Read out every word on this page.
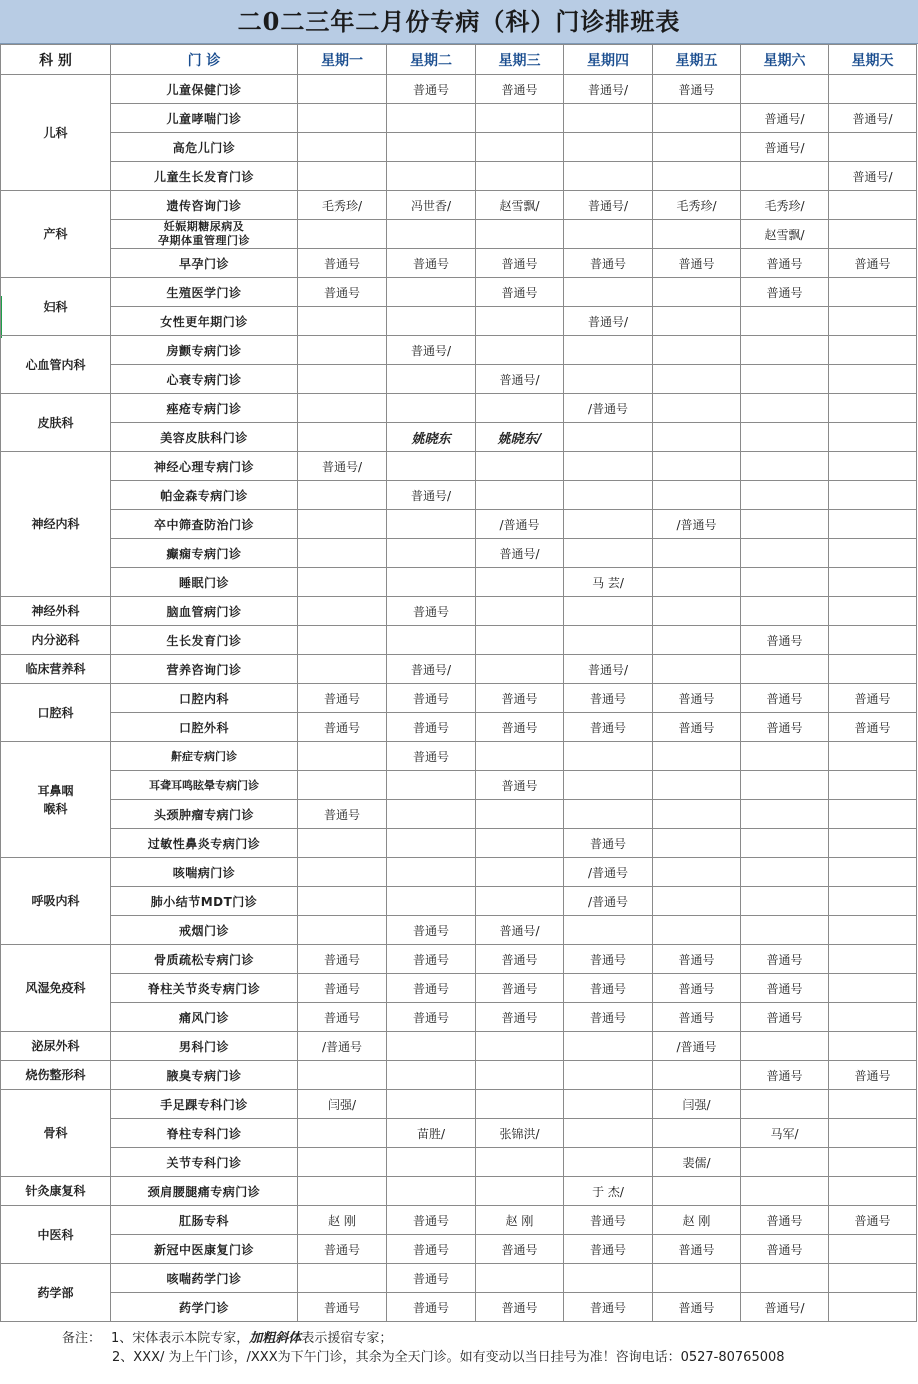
二0二三年二月份专病（科）门诊排班表
科 别	门 诊	星期一	星期二	星期三	星期四	星期五	星期六	星期天
儿科	儿童保健门诊		普通号	普通号	普通号/	普通号		
	儿童哮喘门诊						普通号/	普通号/
	高危儿门诊						普通号/	
	儿童生长发育门诊							普通号/
产科	遗传咨询门诊	毛秀珍/	冯世香/	赵雪飘/	普通号/	毛秀珍/	毛秀珍/	

	妊娠期糖尿病及
孕期体重管理门诊						赵雪飘/	
	早孕门诊	普通号	普通号	普通号	普通号	普通号	普通号	普通号
妇科	生殖医学门诊	普通号		普通号			普通号	
	女性更年期门诊				普通号/			
心血管内科	房颤专病门诊		普通号/					
	心衰专病门诊			普通号/				
皮肤科	痤疮专病门诊				/普通号			
	美容皮肤科门诊		姚晓东	姚晓东/				
神经内科	神经心理专病门诊	普通号/						
	帕金森专病门诊		普通号/					
	卒中筛查防治门诊			/普通号		/普通号		
	癫痫专病门诊			普通号/				
	睡眠门诊				马 芸/			
神经外科	脑血管病门诊		普通号					
内分泌科	生长发育门诊						普通号	
临床营养科	营养咨询门诊		普通号/		普通号/			
口腔科	口腔内科	普通号	普通号	普通号	普通号	普通号	普通号	普通号
	口腔外科	普通号	普通号	普通号	普通号	普通号	普通号	普通号

耳鼻咽
喉科	鼾症专病门诊		普通号					
	耳聋耳鸣眩晕专病门诊			普通号				
	头颈肿瘤专病门诊	普通号						
	过敏性鼻炎专病门诊				普通号			
呼吸内科	咳喘病门诊				/普通号			
	肺小结节MDT门诊				/普通号			
	戒烟门诊		普通号	普通号/				
风湿免疫科	骨质疏松专病门诊	普通号	普通号	普通号	普通号	普通号	普通号	
	脊柱关节炎专病门诊	普通号	普通号	普通号	普通号	普通号	普通号	
	痛风门诊	普通号	普通号	普通号	普通号	普通号	普通号	
泌尿外科	男科门诊	/普通号				/普通号		
烧伤整形科	腋臭专病门诊						普通号	普通号
骨科	手足踝专科门诊	闫强/				闫强/		
	脊柱专科门诊		苗胜/	张锦洪/			马军/	
	关节专科门诊					裴儒/		
针灸康复科	颈肩腰腿痛专病门诊				于 杰/			
中医科	肛肠专科	赵 刚	普通号	赵 刚	普通号	赵 刚	普通号	普通号
	新冠中医康复门诊	普通号	普通号	普通号	普通号	普通号	普通号	
药学部	咳喘药学门诊		普通号					
	药学门诊	普通号	普通号	普通号	普通号	普通号	普通号/	
备注： 1、宋体表示本院专家，加粗斜体表示援宿专家；
2、XXX/ 为上午门诊，/XXX为下午门诊，其余为全天门诊。如有变动以当日挂号为准！咨询电话：0527-80765008
